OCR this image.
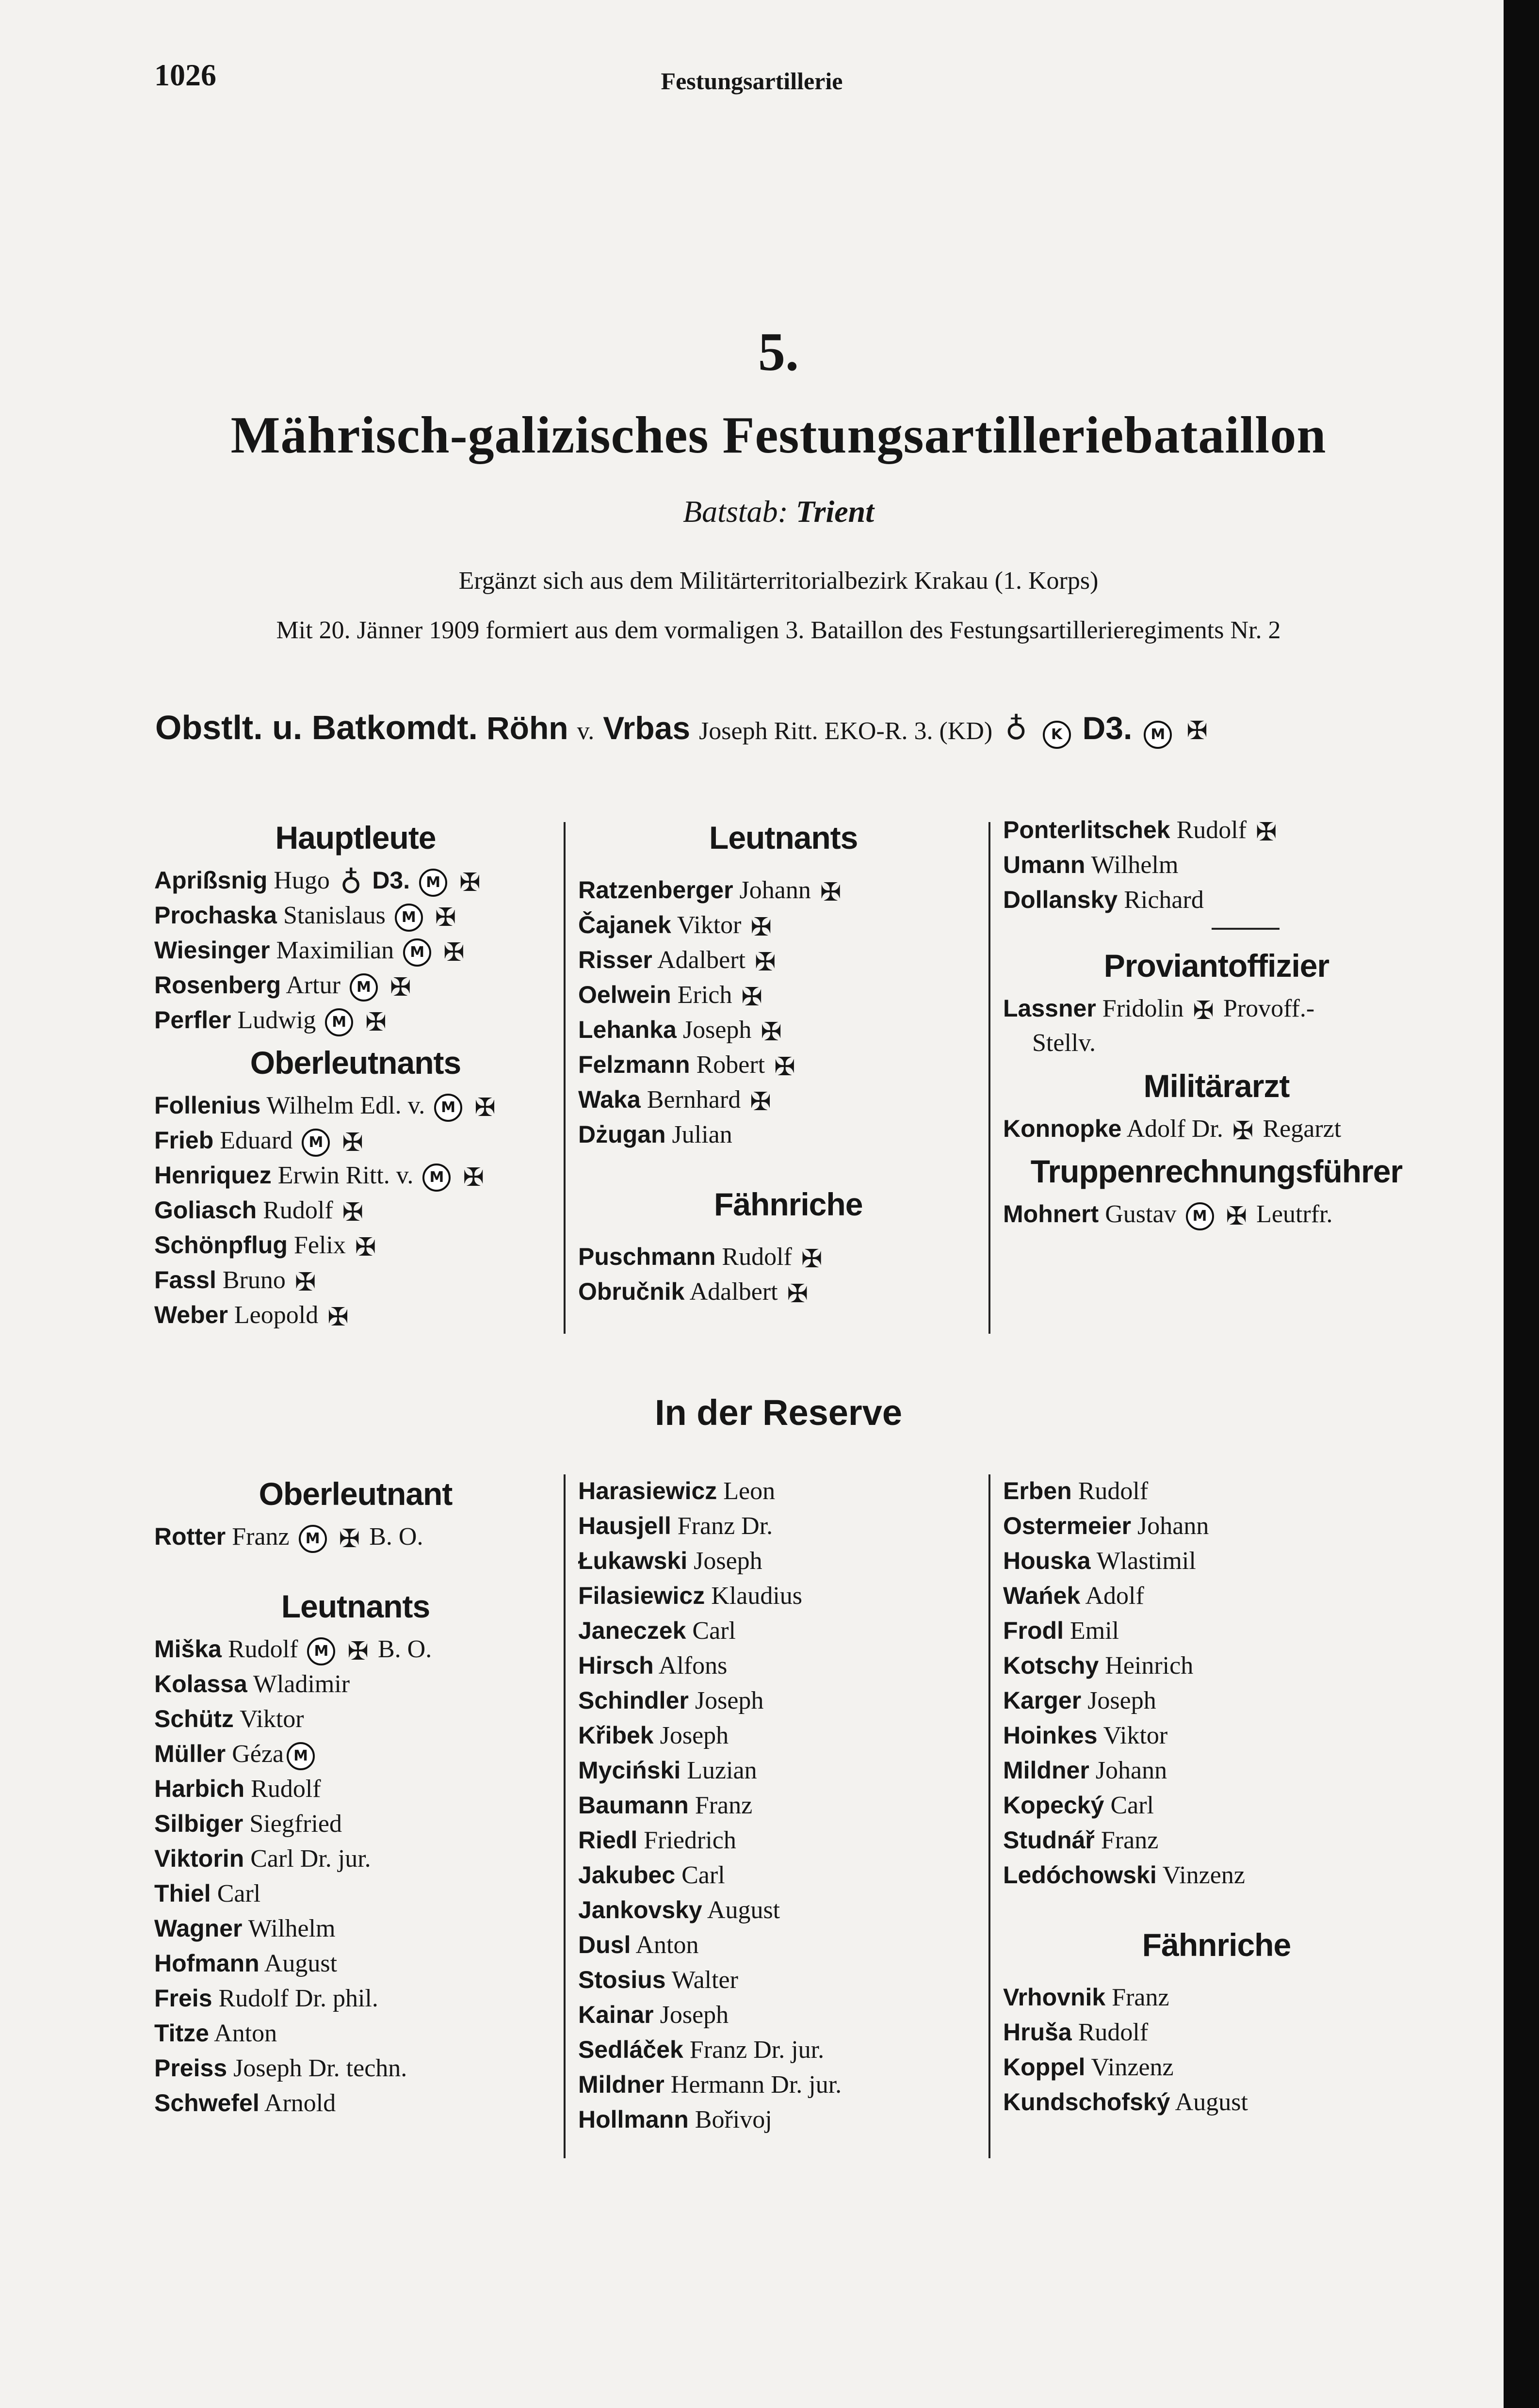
1026	Festungsartillerie
5.
Mährisch-galizisches Festungsartilleriebataillon
Batstab: Trient
Ergänzt sich aus dem Militärterritorialbezirk Krakau (1. Korps)
Mit 20. Jänner 1909 formiert aus dem vormaligen 3. Bataillon des Festungsartillerieregiments Nr. 2
Obstlt. u. Batkomdt. Röhn v. Vrbas Joseph Ritt. EKO-R. 3. (KD) ♁	K D3.	M ✠
Hauptleute
Aprißsnig Hugo ♁ D3. M ✠
Prochaska Stanislaus M ✠
Wiesinger Maximilian M ✠
Rosenberg Artur M ✠
Perfler Ludwig M ✠
Oberleutnants
Follenius Wilhelm Edl. v. M ✠
Frieb Eduard M ✠
Henriquez Erwin Ritt. v. M ✠
Goliasch Rudolf ✠
Schönpflug Felix ✠
Fassl Bruno ✠
Weber Leopold ✠
Leutnants
Ratzenberger Johann ✠
Čajanek Viktor ✠
Risser Adalbert ✠
Oelwein Erich ✠
Lehanka Joseph ✠
Felzmann Robert ✠
Waka Bernhard ✠
Dżugan Julian
Fähnriche
Puschmann Rudolf ✠
Obručnik Adalbert ✠
Ponterlitschek Rudolf ✠
Umann Wilhelm
Dollansky Richard
Proviantoffizier
Lassner Fridolin ✠ Provoff.-
Stellv.
Militärarzt
Konnopke Adolf Dr. ✠ Regarzt
Truppenrechnungsführer
Mohnert Gustav M ✠ Leutrfr.
In der Reserve
Oberleutnant
Rotter Franz M ✠ B. O.
Leutnants
Miška Rudolf M ✠ B. O.
Kolassa Wladimir
Schütz Viktor
Müller Géza M
Harbich Rudolf
Silbiger Siegfried
Viktorin Carl Dr. jur.
Thiel Carl
Wagner Wilhelm
Hofmann August
Freis Rudolf Dr. phil.
Titze Anton
Preiss Joseph Dr. techn.
Schwefel Arnold
Harasiewicz Leon
Hausjell Franz Dr.
Łukawski Joseph
Filasiewicz Klaudius
Janeczek Carl
Hirsch Alfons
Schindler Joseph
Křibek Joseph
Myciński Luzian
Baumann Franz
Riedl Friedrich
Jakubec Carl
Jankovsky August
Dusl Anton
Stosius Walter
Kainar Joseph
Sedláček Franz Dr. jur.
Mildner Hermann Dr. jur.
Hollmann Bořivoj
Erben Rudolf
Ostermeier Johann
Houska Wlastimil
Wańek Adolf
Frodl Emil
Kotschy Heinrich
Karger Joseph
Hoinkes Viktor
Mildner Johann
Kopecký Carl
Studnář Franz
Ledóchowski Vinzenz
Fähnriche
Vrhovnik Franz
Hruša Rudolf
Koppel Vinzenz
Kundschofský August
